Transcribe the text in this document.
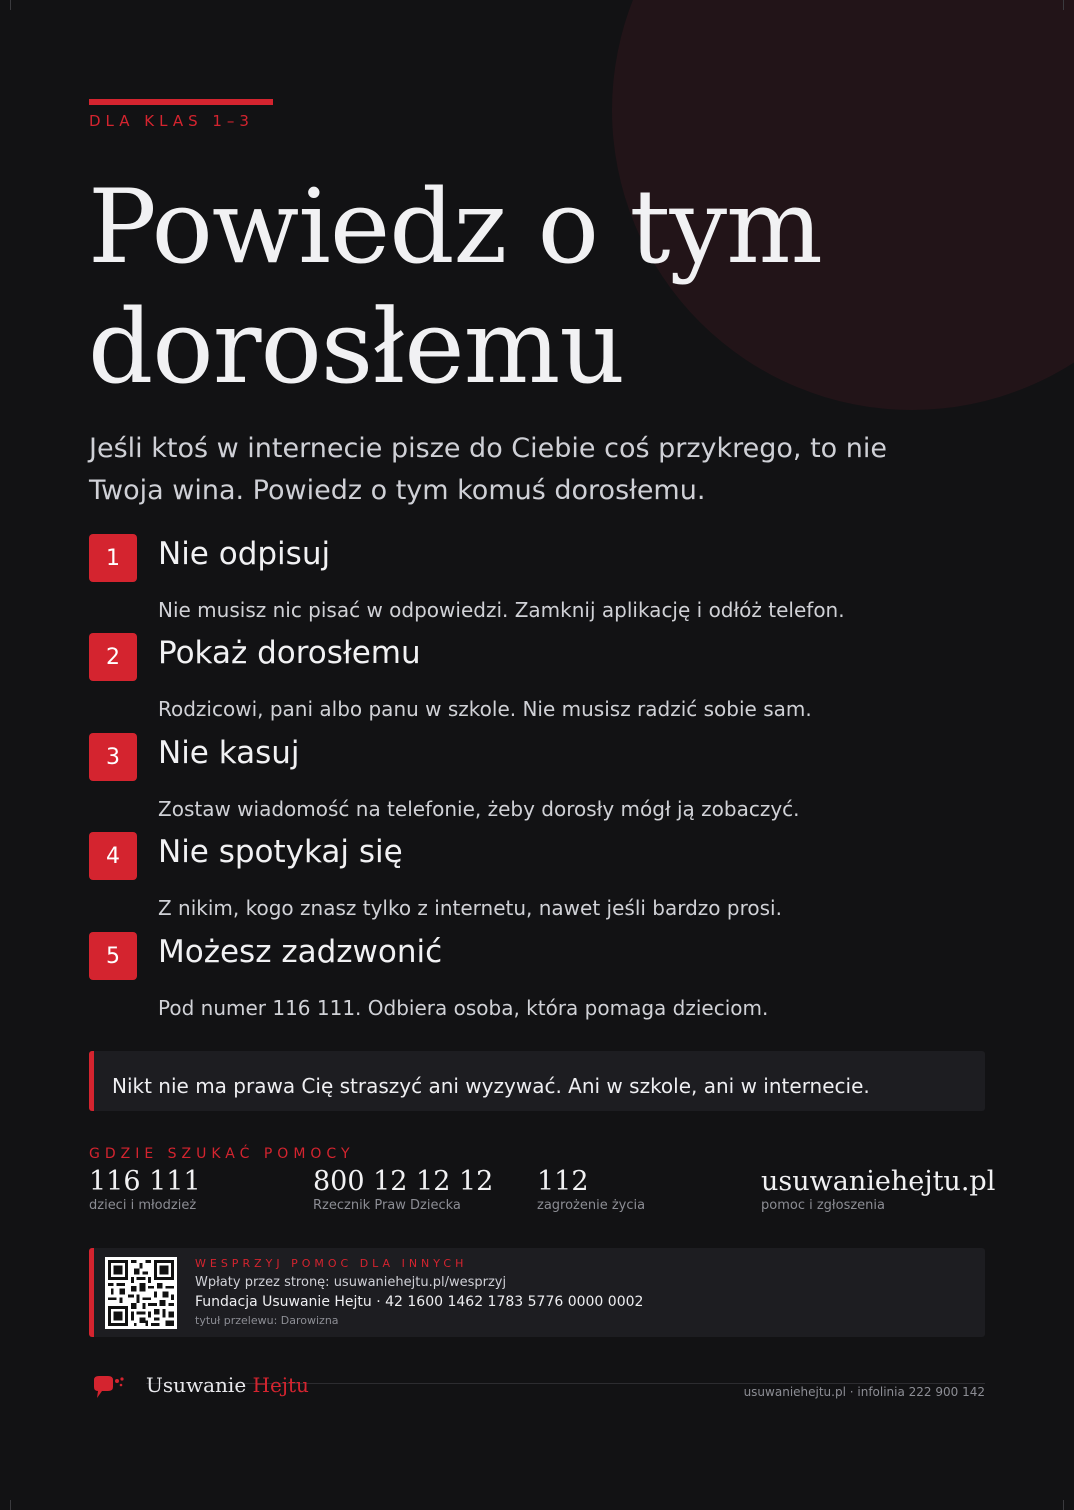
DLA KLAS 1–3
Powiedz o tym
dorosłemu
Jeśli ktoś w internecie pisze do Ciebie coś przykrego, to nie Twoja wina. Powiedz o tym komuś dorosłemu.
1	Nie odpisuj
Nie musisz nic pisać w odpowiedzi. Zamknij aplikację i odłóż telefon.
2	Pokaż dorosłemu
Rodzicowi, pani albo panu w szkole. Nie musisz radzić sobie sam.
3	Nie kasuj
Zostaw wiadomość na telefonie, żeby dorosły mógł ją zobaczyć.
4	Nie spotykaj się
Z nikim, kogo znasz tylko z internetu, nawet jeśli bardzo prosi.
5	Możesz zadzwonić
Pod numer 116 111. Odbiera osoba, która pomaga dzieciom.
Nikt nie ma prawa Cię straszyć ani wyzywać. Ani w szkole, ani w internecie.
GDZIE SZUKAĆ POMOCY
116 111
dzieci i młodzież
800 12 12 12
Rzecznik Praw Dziecka
112
zagrożenie życia
usuwaniehejtu.pl
pomoc i zgłoszenia
WESPRZYJ POMOC DLA INNYCH
Wpłaty przez stronę: usuwaniehejtu.pl/wesprzyj
Fundacja Usuwanie Hejtu · 42 1600 1462 1783 5776 0000 0002
tytuł przelewu: Darowizna
Usuwanie Hejtu	usuwaniehejtu.pl · infolinia 222 900 142
